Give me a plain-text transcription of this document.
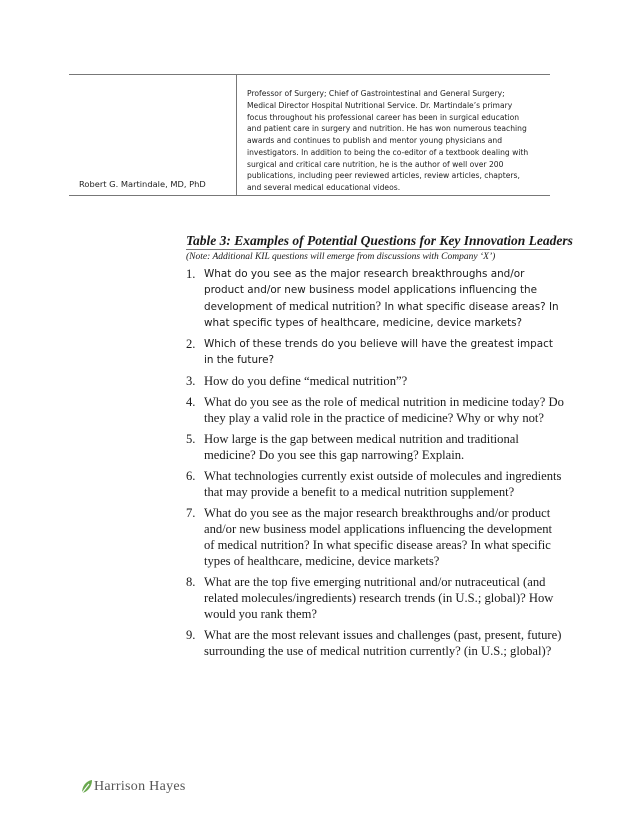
Robert G. Martindale, MD, PhD
Professor of Surgery; Chief of Gastrointestinal and General Surgery;
Medical Director Hospital Nutritional Service. Dr. Martindale’s primary
focus throughout his professional career has been in surgical education
and patient care in surgery and nutrition. He has won numerous teaching
awards and continues to publish and mentor young physicians and
investigators. In addition to being the co-editor of a textbook dealing with
surgical and critical care nutrition, he is the author of well over 200
publications, including peer reviewed articles, review articles, chapters,
and several medical educational videos.
Table 3: Examples of Potential Questions for Key Innovation Leaders
(Note: Additional KIL questions will emerge from discussions with Company ‘X’)
1. What do you see as the major research breakthroughs and/or product and/or new business model applications influencing the development of medical nutrition? In what specific disease areas? In what specific types of healthcare, medicine, device markets?
2. Which of these trends do you believe will have the greatest impact in the future?
3. How do you define “medical nutrition”?
4. What do you see as the role of medical nutrition in medicine today? Do they play a valid role in the practice of medicine? Why or why not?
5. How large is the gap between medical nutrition and traditional medicine? Do you see this gap narrowing? Explain.
6. What technologies currently exist outside of molecules and ingredients that may provide a benefit to a medical nutrition supplement?
7. What do you see as the major research breakthroughs and/or product and/or new business model applications influencing the development of medical nutrition? In what specific disease areas? In what specific types of healthcare, medicine, device markets?
8. What are the top five emerging nutritional and/or nutraceutical (and related molecules/ingredients) research trends (in U.S.; global)? How would you rank them?
9. What are the most relevant issues and challenges (past, present, future) surrounding the use of medical nutrition currently? (in U.S.; global)?
Harrison Hayes
